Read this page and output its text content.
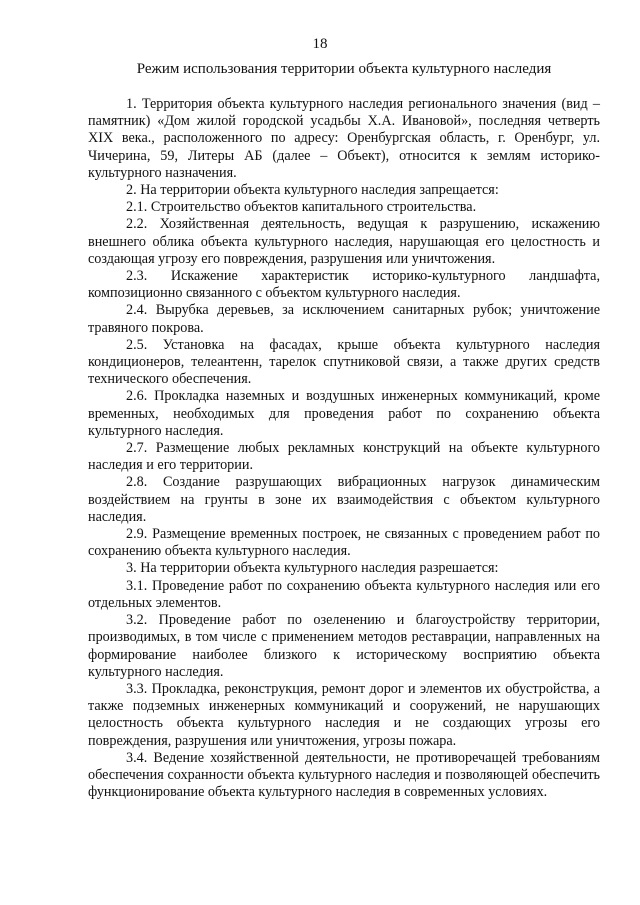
18
Режим использования территории объекта культурного наследия

1. Территория объекта культурного наследия регионального значения (вид – памятник) «Дом жилой городской усадьбы Х.А. Ивановой», последняя четверть XIX века., расположенного по адресу: Оренбургская область, г. Оренбург, ул. Чичерина, 59, Литеры АБ (далее – Объект), относится к землям историко-культурного назначения.

2. На территории объекта культурного наследия запрещается:

2.1. Строительство объектов капитального строительства.

2.2. Хозяйственная деятельность, ведущая к разрушению, искажению внешнего облика объекта культурного наследия, нарушающая его целостность и создающая угрозу его повреждения, разрушения или уничтожения.

2.3. Искажение характеристик историко-культурного ландшафта, композиционно связанного с объектом культурного наследия.

2.4. Вырубка деревьев, за исключением санитарных рубок; уничтожение травяного покрова.

2.5. Установка на фасадах, крыше объекта культурного наследия кондиционеров, телеантенн, тарелок спутниковой связи, а также других средств технического обеспечения.

2.6. Прокладка наземных и воздушных инженерных коммуникаций, кроме временных, необходимых для проведения работ по сохранению объекта культурного наследия.

2.7. Размещение любых рекламных конструкций на объекте культурного наследия и его территории.

2.8. Создание разрушающих вибрационных нагрузок динамическим воздействием на грунты в зоне их взаимодействия с объектом культурного наследия.

2.9. Размещение временных построек, не связанных с проведением работ по сохранению объекта культурного наследия.

3. На территории объекта культурного наследия разрешается:

3.1. Проведение работ по сохранению объекта культурного наследия или его отдельных элементов.

3.2. Проведение работ по озеленению и благоустройству территории, производимых, в том числе с применением методов реставрации, направленных на формирование наиболее близкого к историческому восприятию объекта культурного наследия.

3.3. Прокладка, реконструкция, ремонт дорог и элементов их обустройства, а также подземных инженерных коммуникаций и сооружений, не нарушающих целостность объекта культурного наследия и не создающих угрозы его повреждения, разрушения или уничтожения, угрозы пожара.

3.4. Ведение хозяйственной деятельности, не противоречащей требованиям обеспечения сохранности объекта культурного наследия и позволяющей обеспечить функционирование объекта культурного наследия в современных условиях.
